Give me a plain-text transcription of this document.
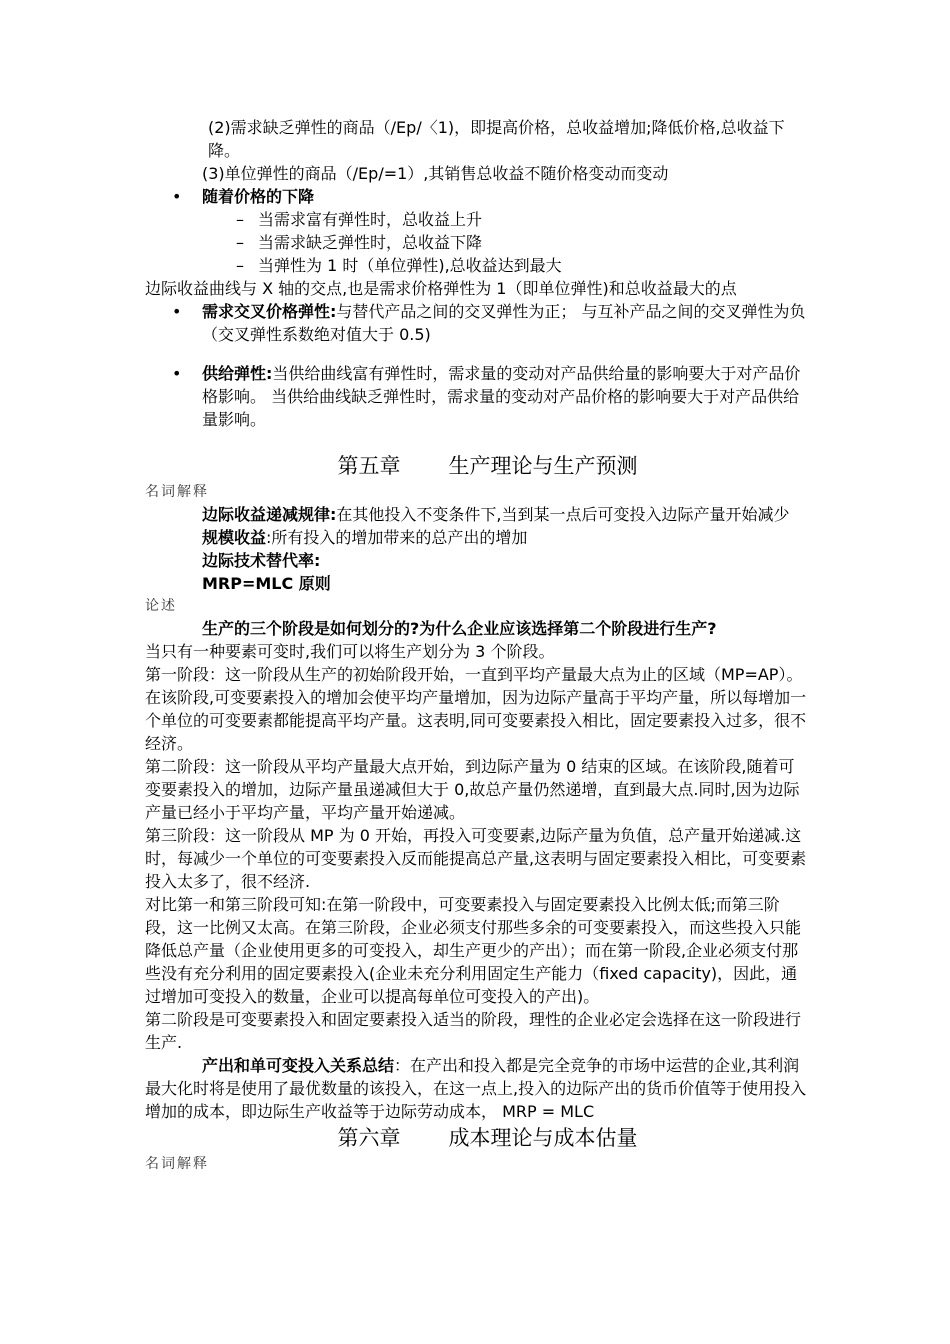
(2)需求缺乏弹性的商品（/Ep/〈1)，即提高价格，总收益增加;降低价格,总收益下降。

(3)单位弹性的商品（/Ep/=1）,其销售总收益不随价格变动而变动

• 随着价格的下降
– 当需求富有弹性时，总收益上升
– 当需求缺乏弹性时，总收益下降
– 当弹性为 1 时（单位弹性),总收益达到最大

边际收益曲线与 X 轴的交点,也是需求价格弹性为 1（即单位弹性)和总收益最大的点

• 需求交叉价格弹性:与替代产品之间的交叉弹性为正； 与互补产品之间的交叉弹性为负 （交叉弹性系数绝对值大于 0.5)
• 供给弹性:当供给曲线富有弹性时，需求量的变动对产品供给量的影响要大于对产品价格影响。 当供给曲线缺乏弹性时，需求量的变动对产品价格的影响要大于对产品供给量影响。
第五章 生产理论与生产预测

名词解释

边际收益递减规律:在其他投入不变条件下,当到某一点后可变投入边际产量开始减少

规模收益:所有投入的增加带来的总产出的增加

边际技术替代率:

MRP=MLC 原则

论述

生产的三个阶段是如何划分的?为什么企业应该选择第二个阶段进行生产?

当只有一种要素可变时,我们可以将生产划分为 3 个阶段。

第一阶段：这一阶段从生产的初始阶段开始，一直到平均产量最大点为止的区域（MP=AP）。在该阶段,可变要素投入的增加会使平均产量增加，因为边际产量高于平均产量，所以每增加一个单位的可变要素都能提高平均产量。这表明,同可变要素投入相比，固定要素投入过多，很不经济。

第二阶段：这一阶段从平均产量最大点开始，到边际产量为 0 结束的区域。在该阶段,随着可变要素投入的增加，边际产量虽递减但大于 0,故总产量仍然递增，直到最大点.同时,因为边际产量已经小于平均产量，平均产量开始递减。

第三阶段：这一阶段从 MP 为 0 开始，再投入可变要素,边际产量为负值，总产量开始递减.这时，每减少一个单位的可变要素投入反而能提高总产量,这表明与固定要素投入相比，可变要素投入太多了，很不经济.

对比第一和第三阶段可知:在第一阶段中，可变要素投入与固定要素投入比例太低;而第三阶段，这一比例又太高。在第三阶段，企业必须支付那些多余的可变要素投入，而这些投入只能降低总产量（企业使用更多的可变投入，却生产更少的产出）；而在第一阶段,企业必须支付那些没有充分利用的固定要素投入(企业未充分利用固定生产能力（fixed capacity)，因此，通过增加可变投入的数量，企业可以提高每单位可变投入的产出)。

第二阶段是可变要素投入和固定要素投入适当的阶段，理性的企业必定会选择在这一阶段进行生产.

产出和单可变投入关系总结：在产出和投入都是完全竞争的市场中运营的企业,其利润最大化时将是使用了最优数量的该投入，在这一点上,投入的边际产出的货币价值等于使用投入增加的成本，即边际生产收益等于边际劳动成本， MRP = MLC

第六章 成本理论与成本估量

名词解释
